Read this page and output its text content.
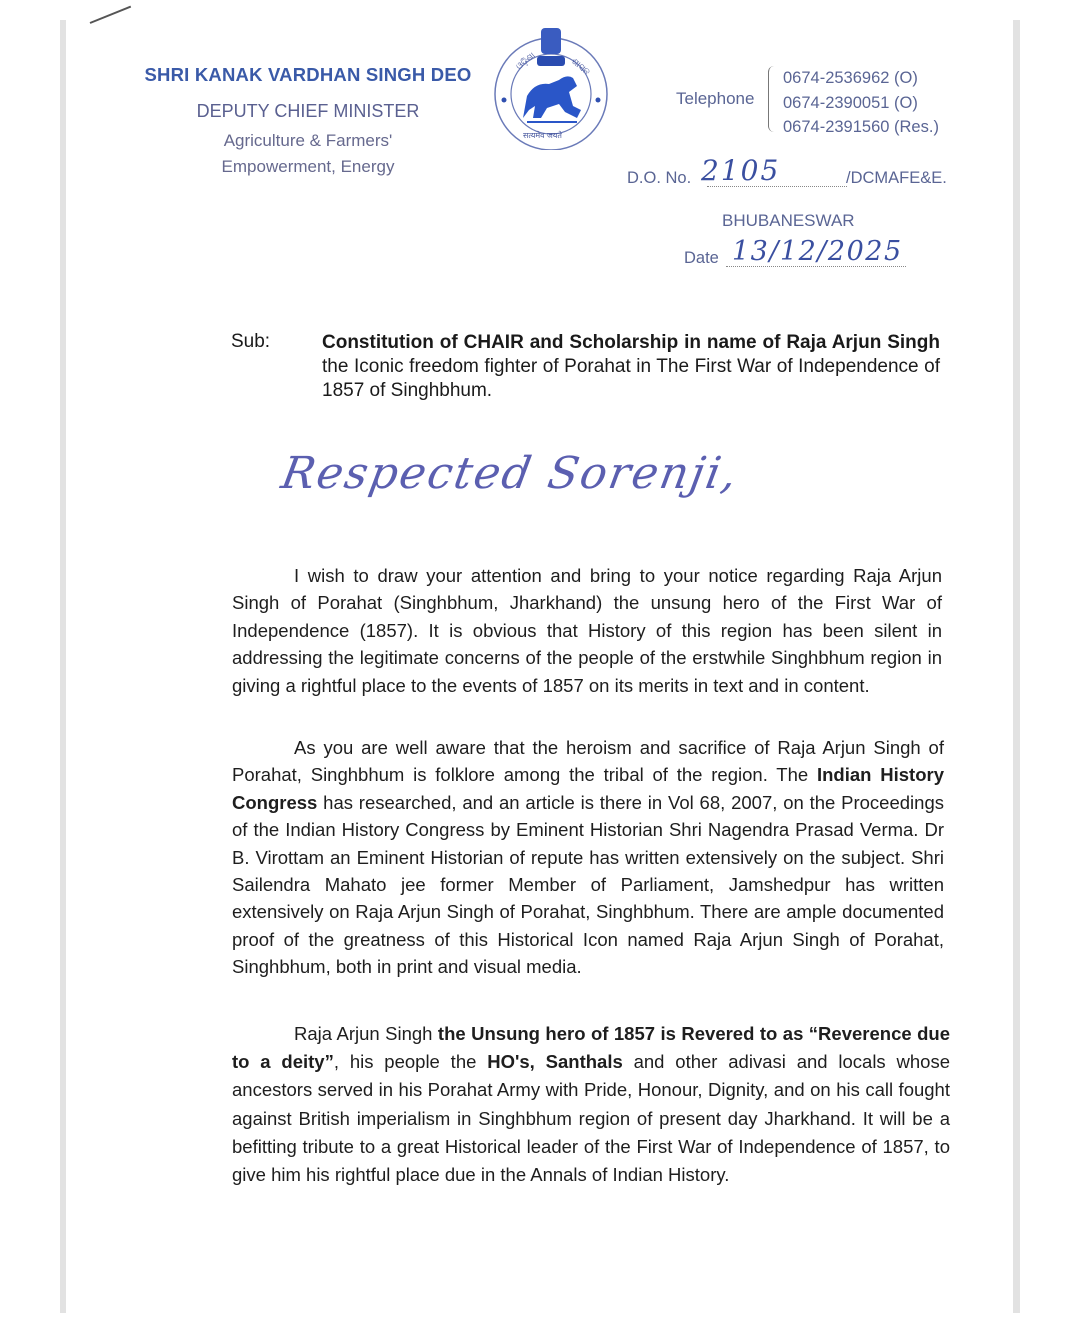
SHRI KANAK VARDHAN SINGH DEO
DEPUTY CHIEF MINISTER
Agriculture & Farmers'
Empowerment, Energy
ଓଡ଼ିଶା	ଶାସନ
सत्यमेव जयते
Telephone
0674-2536962 (O)
0674-2390051 (O)
0674-2391560 (Res.)
D.O. No. 2105	/DCMAFE&E.
BHUBANESWAR
Date 13/12/2025
Sub:	Constitution of CHAIR and Scholarship in name of Raja Arjun Singh the Iconic freedom fighter of Porahat in The First War of Independence of 1857 of Singhbhum.
Respected Sorenji,
I wish to draw your attention and bring to your notice regarding Raja Arjun Singh of Porahat (Singhbhum, Jharkhand) the unsung hero of the First War of Independence (1857). It is obvious that History of this region has been silent in addressing the legitimate concerns of the people of the erstwhile Singhbhum region in giving a rightful place to the events of 1857 on its merits in text and in content.
As you are well aware that the heroism and sacrifice of Raja Arjun Singh of Porahat, Singhbhum is folklore among the tribal of the region. The Indian History Congress has researched, and an article is there in Vol 68, 2007, on the Proceedings of the Indian History Congress by Eminent Historian Shri Nagendra Prasad Verma. Dr B. Virottam an Eminent Historian of repute has written extensively on the subject. Shri Sailendra Mahato jee former Member of Parliament, Jamshedpur has written extensively on Raja Arjun Singh of Porahat, Singhbhum. There are ample documented proof of the greatness of this Historical Icon named Raja Arjun Singh of Porahat, Singhbhum, both in print and visual media.
Raja Arjun Singh the Unsung hero of 1857 is Revered to as “Reverence due to a deity”, his people the HO's, Santhals and other adivasi and locals whose ancestors served in his Porahat Army with Pride, Honour, Dignity, and on his call fought against British imperialism in Singhbhum region of present day Jharkhand. It will be a befitting tribute to a great Historical leader of the First War of Independence of 1857, to give him his rightful place due in the Annals of Indian History.
